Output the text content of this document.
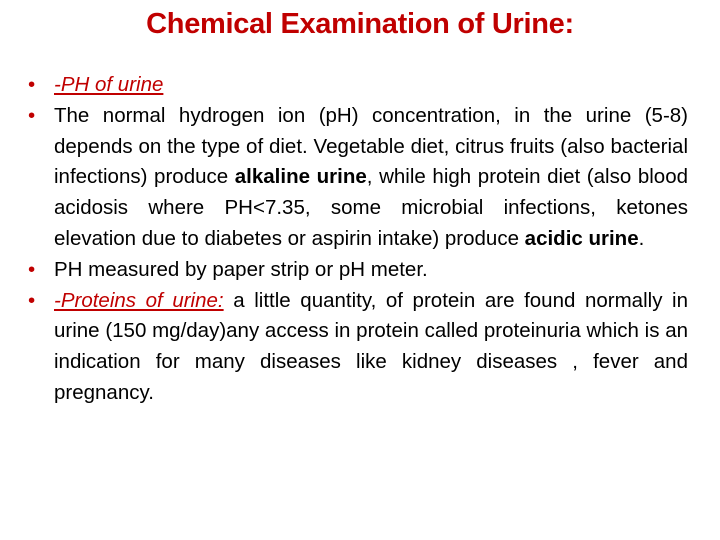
Chemical Examination of Urine:
• -PH of urine
• The normal hydrogen ion (pH) concentration, in the urine (5-8) depends on the type of diet. Vegetable diet, citrus fruits (also bacterial infections) produce alkaline urine, while high protein diet (also blood acidosis where PH<7.35, some microbial infections, ketones elevation due to diabetes or aspirin intake) produce acidic urine.
• PH measured by paper strip or pH meter.
• -Proteins of urine: a little quantity, of protein are found normally in urine (150 mg/day)any access in protein called proteinuria which is an indication for many diseases like kidney diseases , fever and pregnancy.
